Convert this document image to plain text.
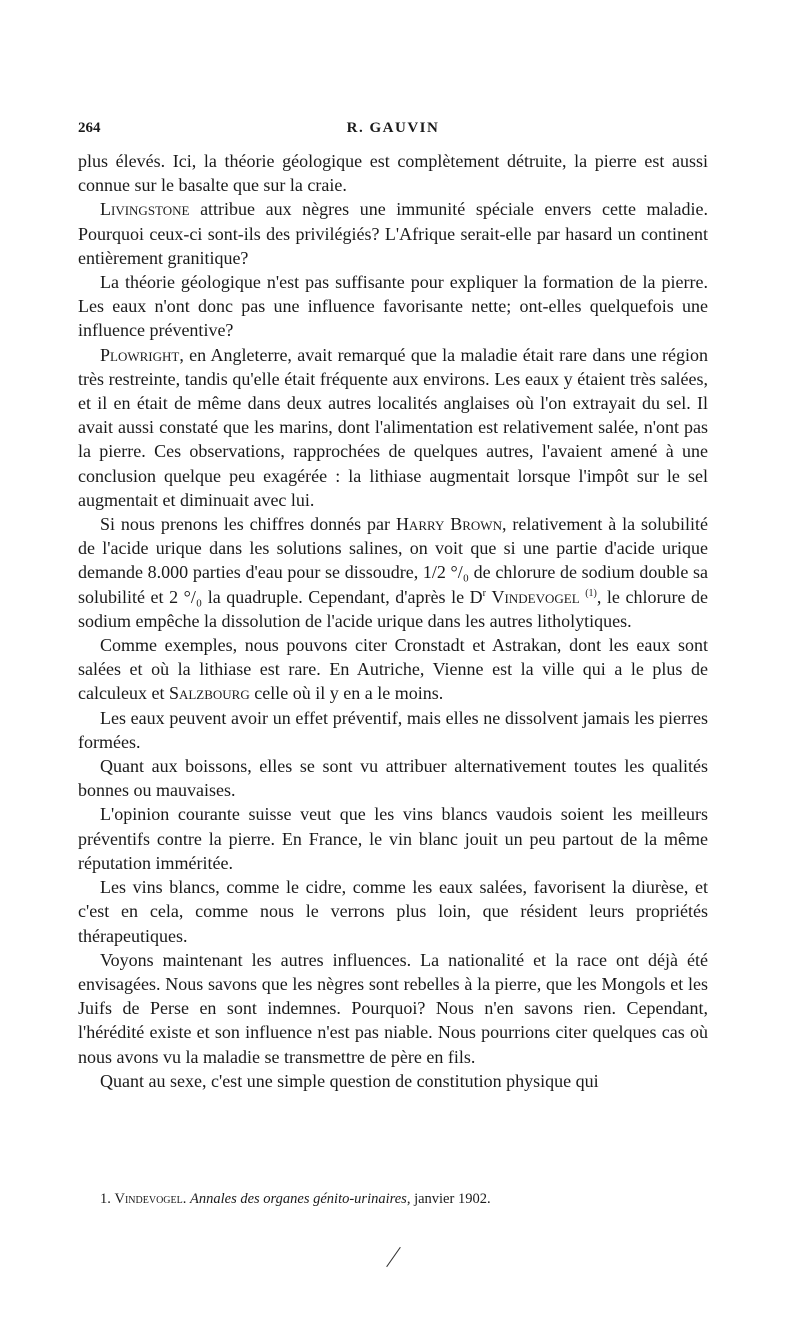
264	R. GAUVIN

plus élevés. Ici, la théorie géologique est complètement détruite, la pierre est aussi connue sur le basalte que sur la craie.

Livingstone attribue aux nègres une immunité spéciale envers cette maladie. Pourquoi ceux-ci sont-ils des privilégiés? L'Afrique serait-elle par hasard un continent entièrement granitique?

La théorie géologique n'est pas suffisante pour expliquer la formation de la pierre. Les eaux n'ont donc pas une influence favorisante nette; ont-elles quelquefois une influence préventive?

Plowright, en Angleterre, avait remarqué que la maladie était rare dans une région très restreinte, tandis qu'elle était fréquente aux environs. Les eaux y étaient très salées, et il en était de même dans deux autres localités anglaises où l'on extrayait du sel. Il avait aussi constaté que les marins, dont l'alimentation est relativement salée, n'ont pas la pierre. Ces observations, rapprochées de quelques autres, l'avaient amené à une conclusion quelque peu exagérée : la lithiase augmentait lorsque l'impôt sur le sel augmentait et diminuait avec lui.

Si nous prenons les chiffres donnés par Harry Brown, relativement à la solubilité de l'acide urique dans les solutions salines, on voit que si une partie d'acide urique demande 8.000 parties d'eau pour se dissoudre, 1/2 °/₀ de chlorure de sodium double sa solubilité et 2 °/₀ la quadruple. Cependant, d'après le $D^r$ Vindevogel $^{(1)}$, le chlorure de sodium empêche la dissolution de l'acide urique dans les autres litholytiques.

Comme exemples, nous pouvons citer Cronstadt et Astrakan, dont les eaux sont salées et où la lithiase est rare. En Autriche, Vienne est la ville qui a le plus de calculeux et Salzbourg celle où il y en a le moins.

Les eaux peuvent avoir un effet préventif, mais elles ne dissolvent jamais les pierres formées.

Quant aux boissons, elles se sont vu attribuer alternativement toutes les qualités bonnes ou mauvaises.

L'opinion courante suisse veut que les vins blancs vaudois soient les meilleurs préventifs contre la pierre. En France, le vin blanc jouit un peu partout de la même réputation imméritée.

Les vins blancs, comme le cidre, comme les eaux salées, favorisent la diurèse, et c'est en cela, comme nous le verrons plus loin, que résident leurs propriétés thérapeutiques.

Voyons maintenant les autres influences. La nationalité et la race ont déjà été envisagées. Nous savons que les nègres sont rebelles à la pierre, que les Mongols et les Juifs de Perse en sont indemnes. Pourquoi? Nous n'en savons rien. Cependant, l'hérédité existe et son influence n'est pas niable. Nous pourrions citer quelques cas où nous avons vu la maladie se transmettre de père en fils.

Quant au sexe, c'est une simple question de constitution physique qui

1. Vindevogel. Annales des organes génito-urinaires, janvier 1902.
